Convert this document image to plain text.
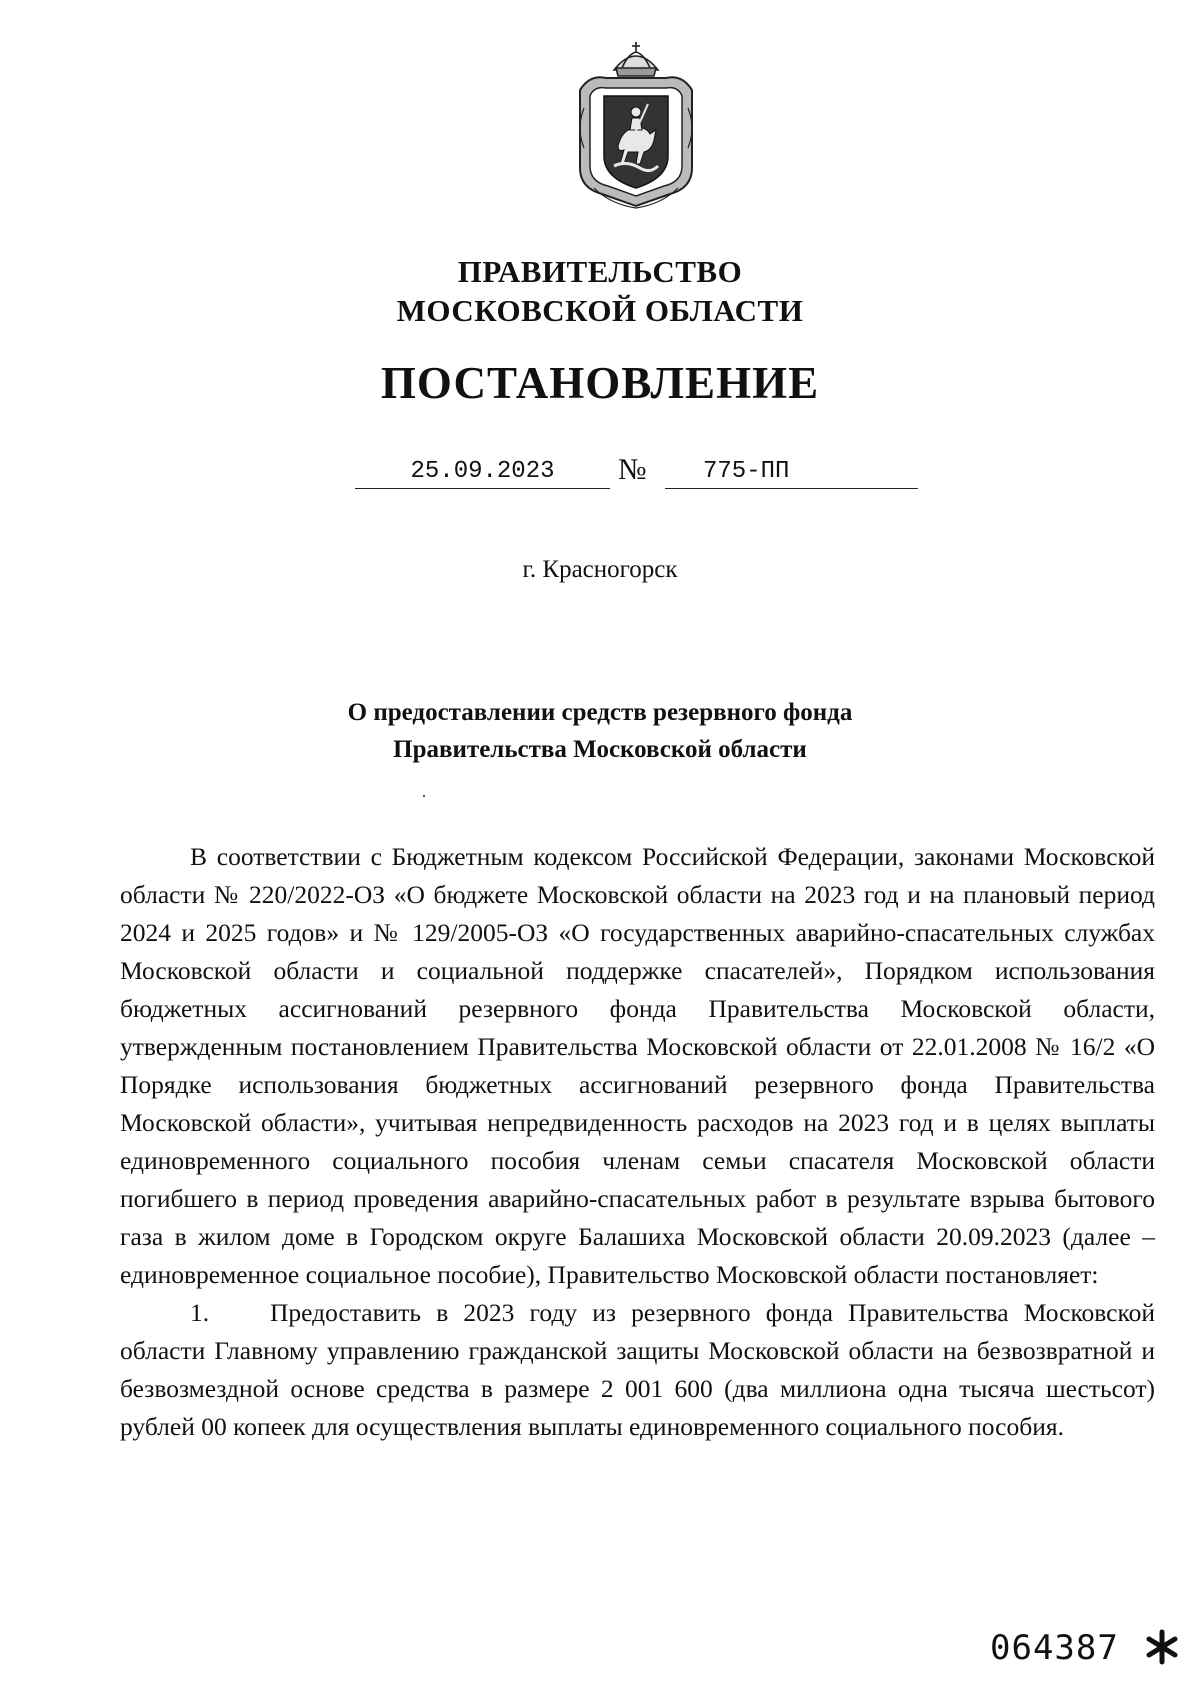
ПРАВИТЕЛЬСТВО
МОСКОВСКОЙ ОБЛАСТИ
ПОСТАНОВЛЕНИЕ
25.09.2023	№ 775-ПП
г. Красногорск
О предоставлении средств резервного фонда
Правительства Московской области

В соответствии с Бюджетным кодексом Российской Федерации, законами Московской области № 220/2022-ОЗ «О бюджете Московской области на 2023 год и на плановый период 2024 и 2025 годов» и № 129/2005-ОЗ «О государственных аварийно-спасательных службах Московской области и социальной поддержке спасателей», Порядком использования бюджетных ассигнований резервного фонда Правительства Московской области, утвержденным постановлением Правительства Московской области от 22.01.2008 № 16/2 «О Порядке использования бюджетных ассигнований резервного фонда Правительства Московской области», учитывая непредвиденность расходов на 2023 год и в целях выплаты единовременного социального пособия членам семьи спасателя Московской области погибшего в период проведения аварийно-спасательных работ в результате взрыва бытового газа в жилом доме в Городском округе Балашиха Московской области 20.09.2023 (далее – единовременное социальное пособие), Правительство Московской области постановляет:

1. Предоставить в 2023 году из резервного фонда Правительства Московской области Главному управлению гражданской защиты Московской области на безвозвратной и безвозмездной основе средства в размере 2 001 600 (два миллиона одна тысяча шестьсот) рублей 00 копеек для осуществления выплаты единовременного социального пособия.

064387
